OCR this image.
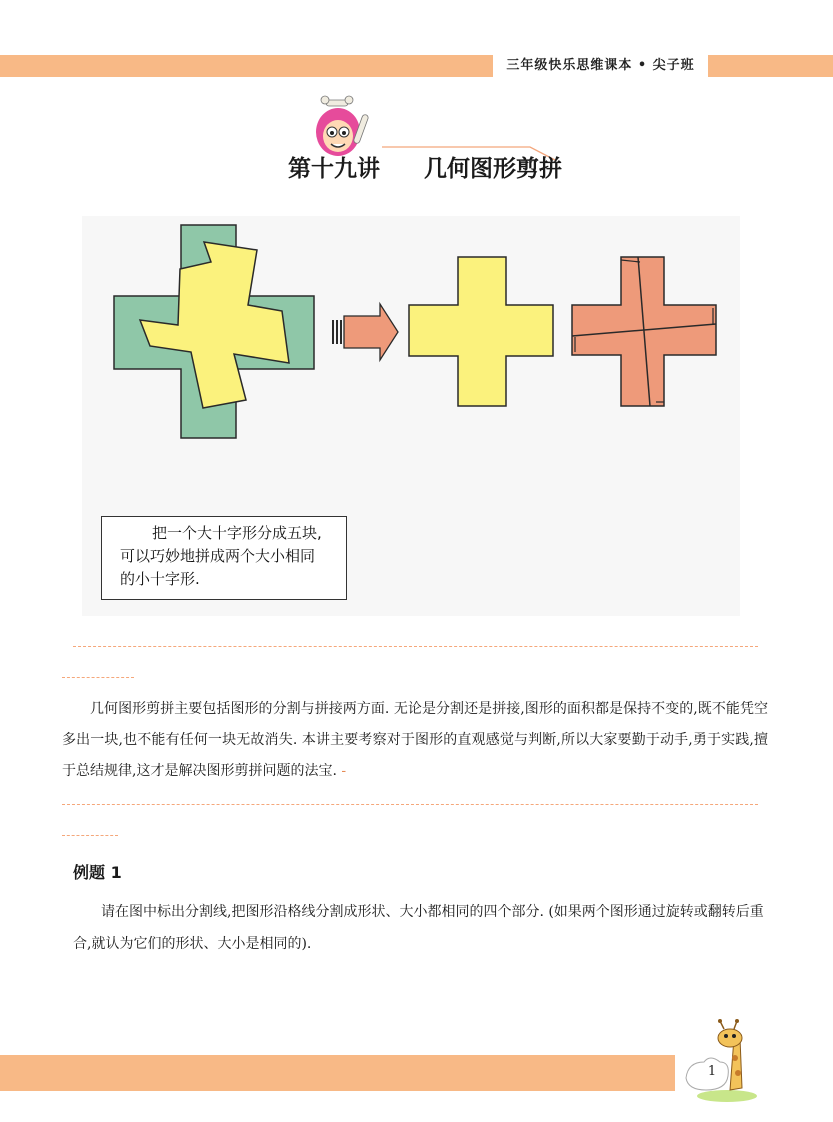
三年级快乐思维课本 • 尖子班
第十九讲 几何图形剪拼
把一个大十字形分成五块,
可以巧妙地拼成两个大小相同
的小十字形.
几何图形剪拼主要包括图形的分割与拼接两方面. 无论是分割还是拼接,图形的面积都是保持不变的,既不能凭空多出一块,也不能有任何一块无故消失. 本讲主要考察对于图形的直观感觉与判断,所以大家要勤于动手,勇于实践,擅于总结规律,这才是解决图形剪拼问题的法宝. -
例题 1
请在图中标出分割线,把图形沿格线分割成形状、大小都相同的四个部分. (如果两个图形通过旋转或翻转后重合,就认为它们的形状、大小是相同的).
1
